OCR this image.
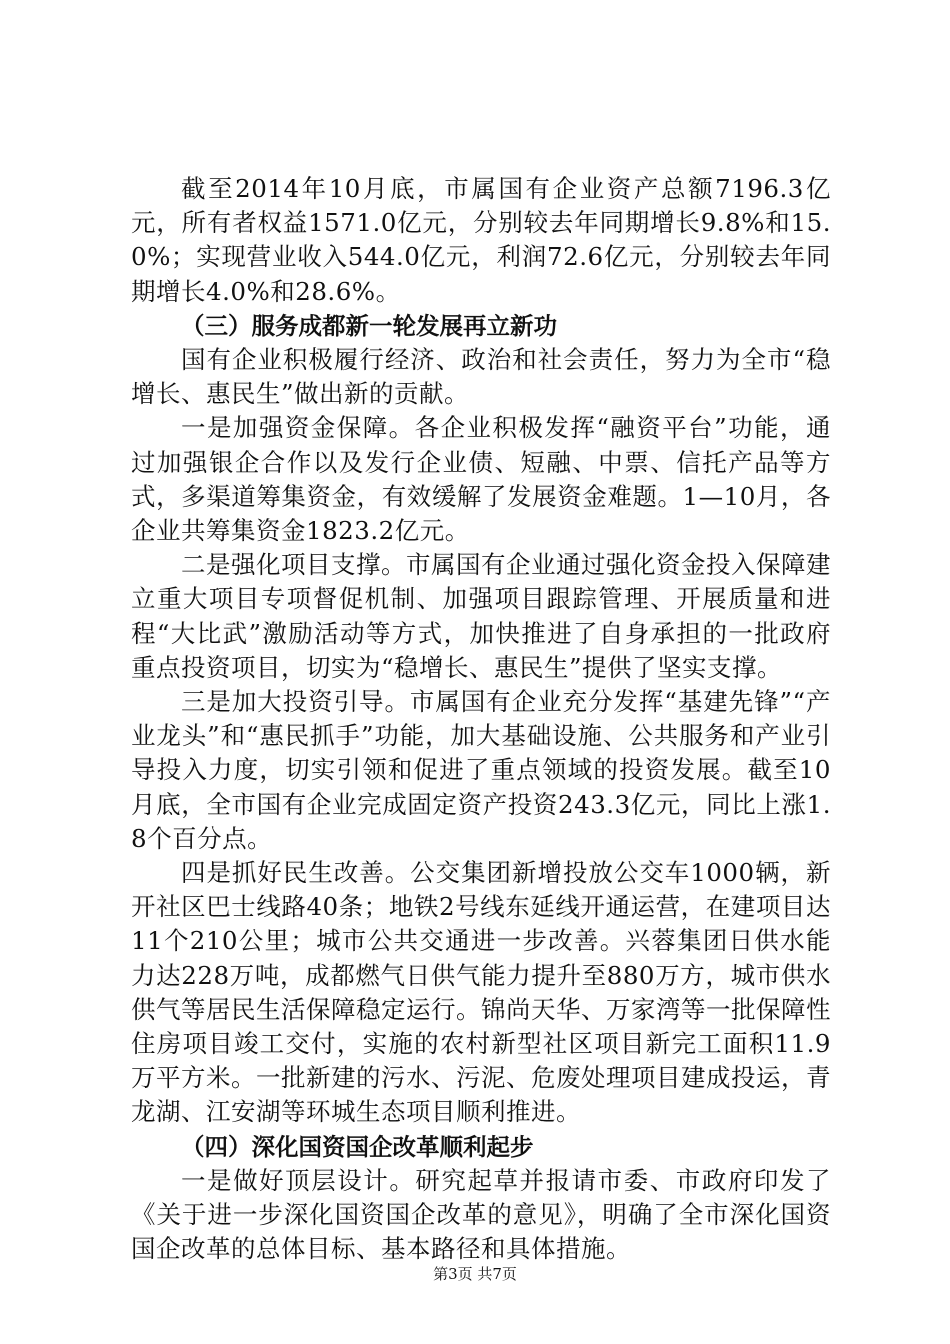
截至2014年10月底，市属国有企业资产总额7196.3亿元，所有者权益1571.0亿元，分别较去年同期增长9.8%和15.0%；实现营业收入544.0亿元，利润72.6亿元，分别较去年同期增长4.0%和28.6%。

（三）服务成都新一轮发展再立新功

国有企业积极履行经济、政治和社会责任，努力为全市“稳增长、惠民生”做出新的贡献。

一是加强资金保障。各企业积极发挥“融资平台”功能，通过加强银企合作以及发行企业债、短融、中票、信托产品等方式，多渠道筹集资金，有效缓解了发展资金难题。1—10月，各企业共筹集资金1823.2亿元。

二是强化项目支撑。市属国有企业通过强化资金投入保障建立重大项目专项督促机制、加强项目跟踪管理、开展质量和进程“大比武”激励活动等方式，加快推进了自身承担的一批政府重点投资项目，切实为“稳增长、惠民生”提供了坚实支撑。

三是加大投资引导。市属国有企业充分发挥“基建先锋”“产业龙头”和“惠民抓手”功能，加大基础设施、公共服务和产业引导投入力度，切实引领和促进了重点领域的投资发展。截至10月底，全市国有企业完成固定资产投资243.3亿元，同比上涨1.8个百分点。

四是抓好民生改善。公交集团新增投放公交车1000辆，新开社区巴士线路40条；地铁2号线东延线开通运营，在建项目达11个210公里；城市公共交通进一步改善。兴蓉集团日供水能力达228万吨，成都燃气日供气能力提升至880万方，城市供水供气等居民生活保障稳定运行。锦尚天华、万家湾等一批保障性住房项目竣工交付，实施的农村新型社区项目新完工面积11.9万平方米。一批新建的污水、污泥、危废处理项目建成投运，青龙湖、江安湖等环城生态项目顺利推进。

（四）深化国资国企改革顺利起步

一是做好顶层设计。研究起草并报请市委、市政府印发了《关于进一步深化国资国企改革的意见》，明确了全市深化国资国企改革的总体目标、基本路径和具体措施。

第3页 共7页
